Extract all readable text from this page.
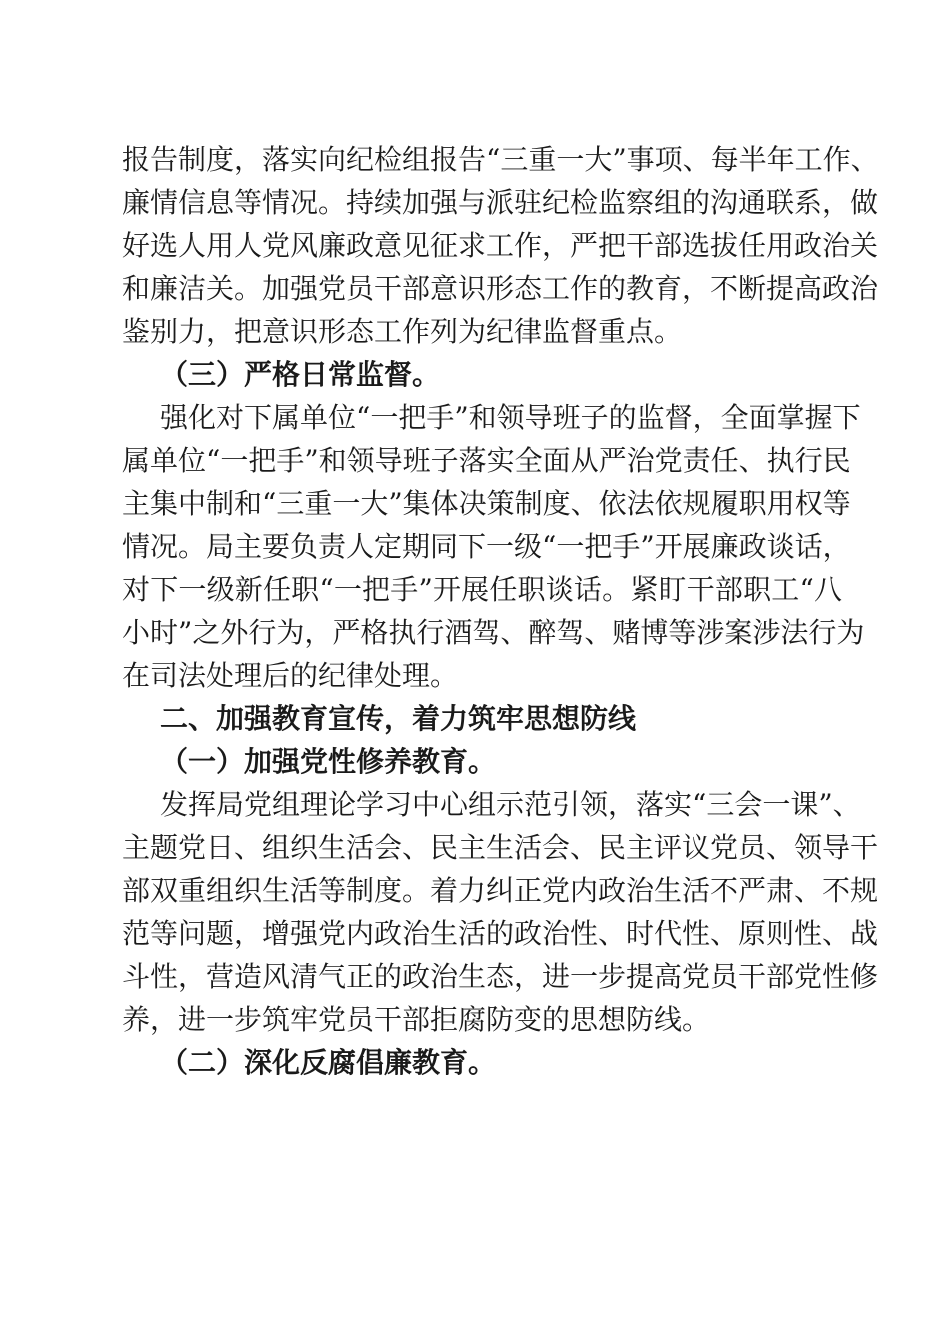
报告制度，落实向纪检组报告“三重一大”事项、每半年工作、
廉情信息等情况。持续加强与派驻纪检监察组的沟通联系，做
好选人用人党风廉政意见征求工作，严把干部选拔任用政治关
和廉洁关。加强党员干部意识形态工作的教育，不断提高政治
鉴别力，把意识形态工作列为纪律监督重点。
（三）严格日常监督。
强化对下属单位“一把手”和领导班子的监督，全面掌握下
属单位“一把手”和领导班子落实全面从严治党责任、执行民
主集中制和“三重一大”集体决策制度、依法依规履职用权等
情况。局主要负责人定期同下一级“一把手”开展廉政谈话，
对下一级新任职“一把手”开展任职谈话。紧盯干部职工“八
小时”之外行为，严格执行酒驾、醉驾、赌博等涉案涉法行为
在司法处理后的纪律处理。
二、加强教育宣传，着力筑牢思想防线
（一）加强党性修养教育。
发挥局党组理论学习中心组示范引领，落实“三会一课”、
主题党日、组织生活会、民主生活会、民主评议党员、领导干
部双重组织生活等制度。着力纠正党内政治生活不严肃、不规
范等问题，增强党内政治生活的政治性、时代性、原则性、战
斗性，营造风清气正的政治生态，进一步提高党员干部党性修
养，进一步筑牢党员干部拒腐防变的思想防线。
（二）深化反腐倡廉教育。
